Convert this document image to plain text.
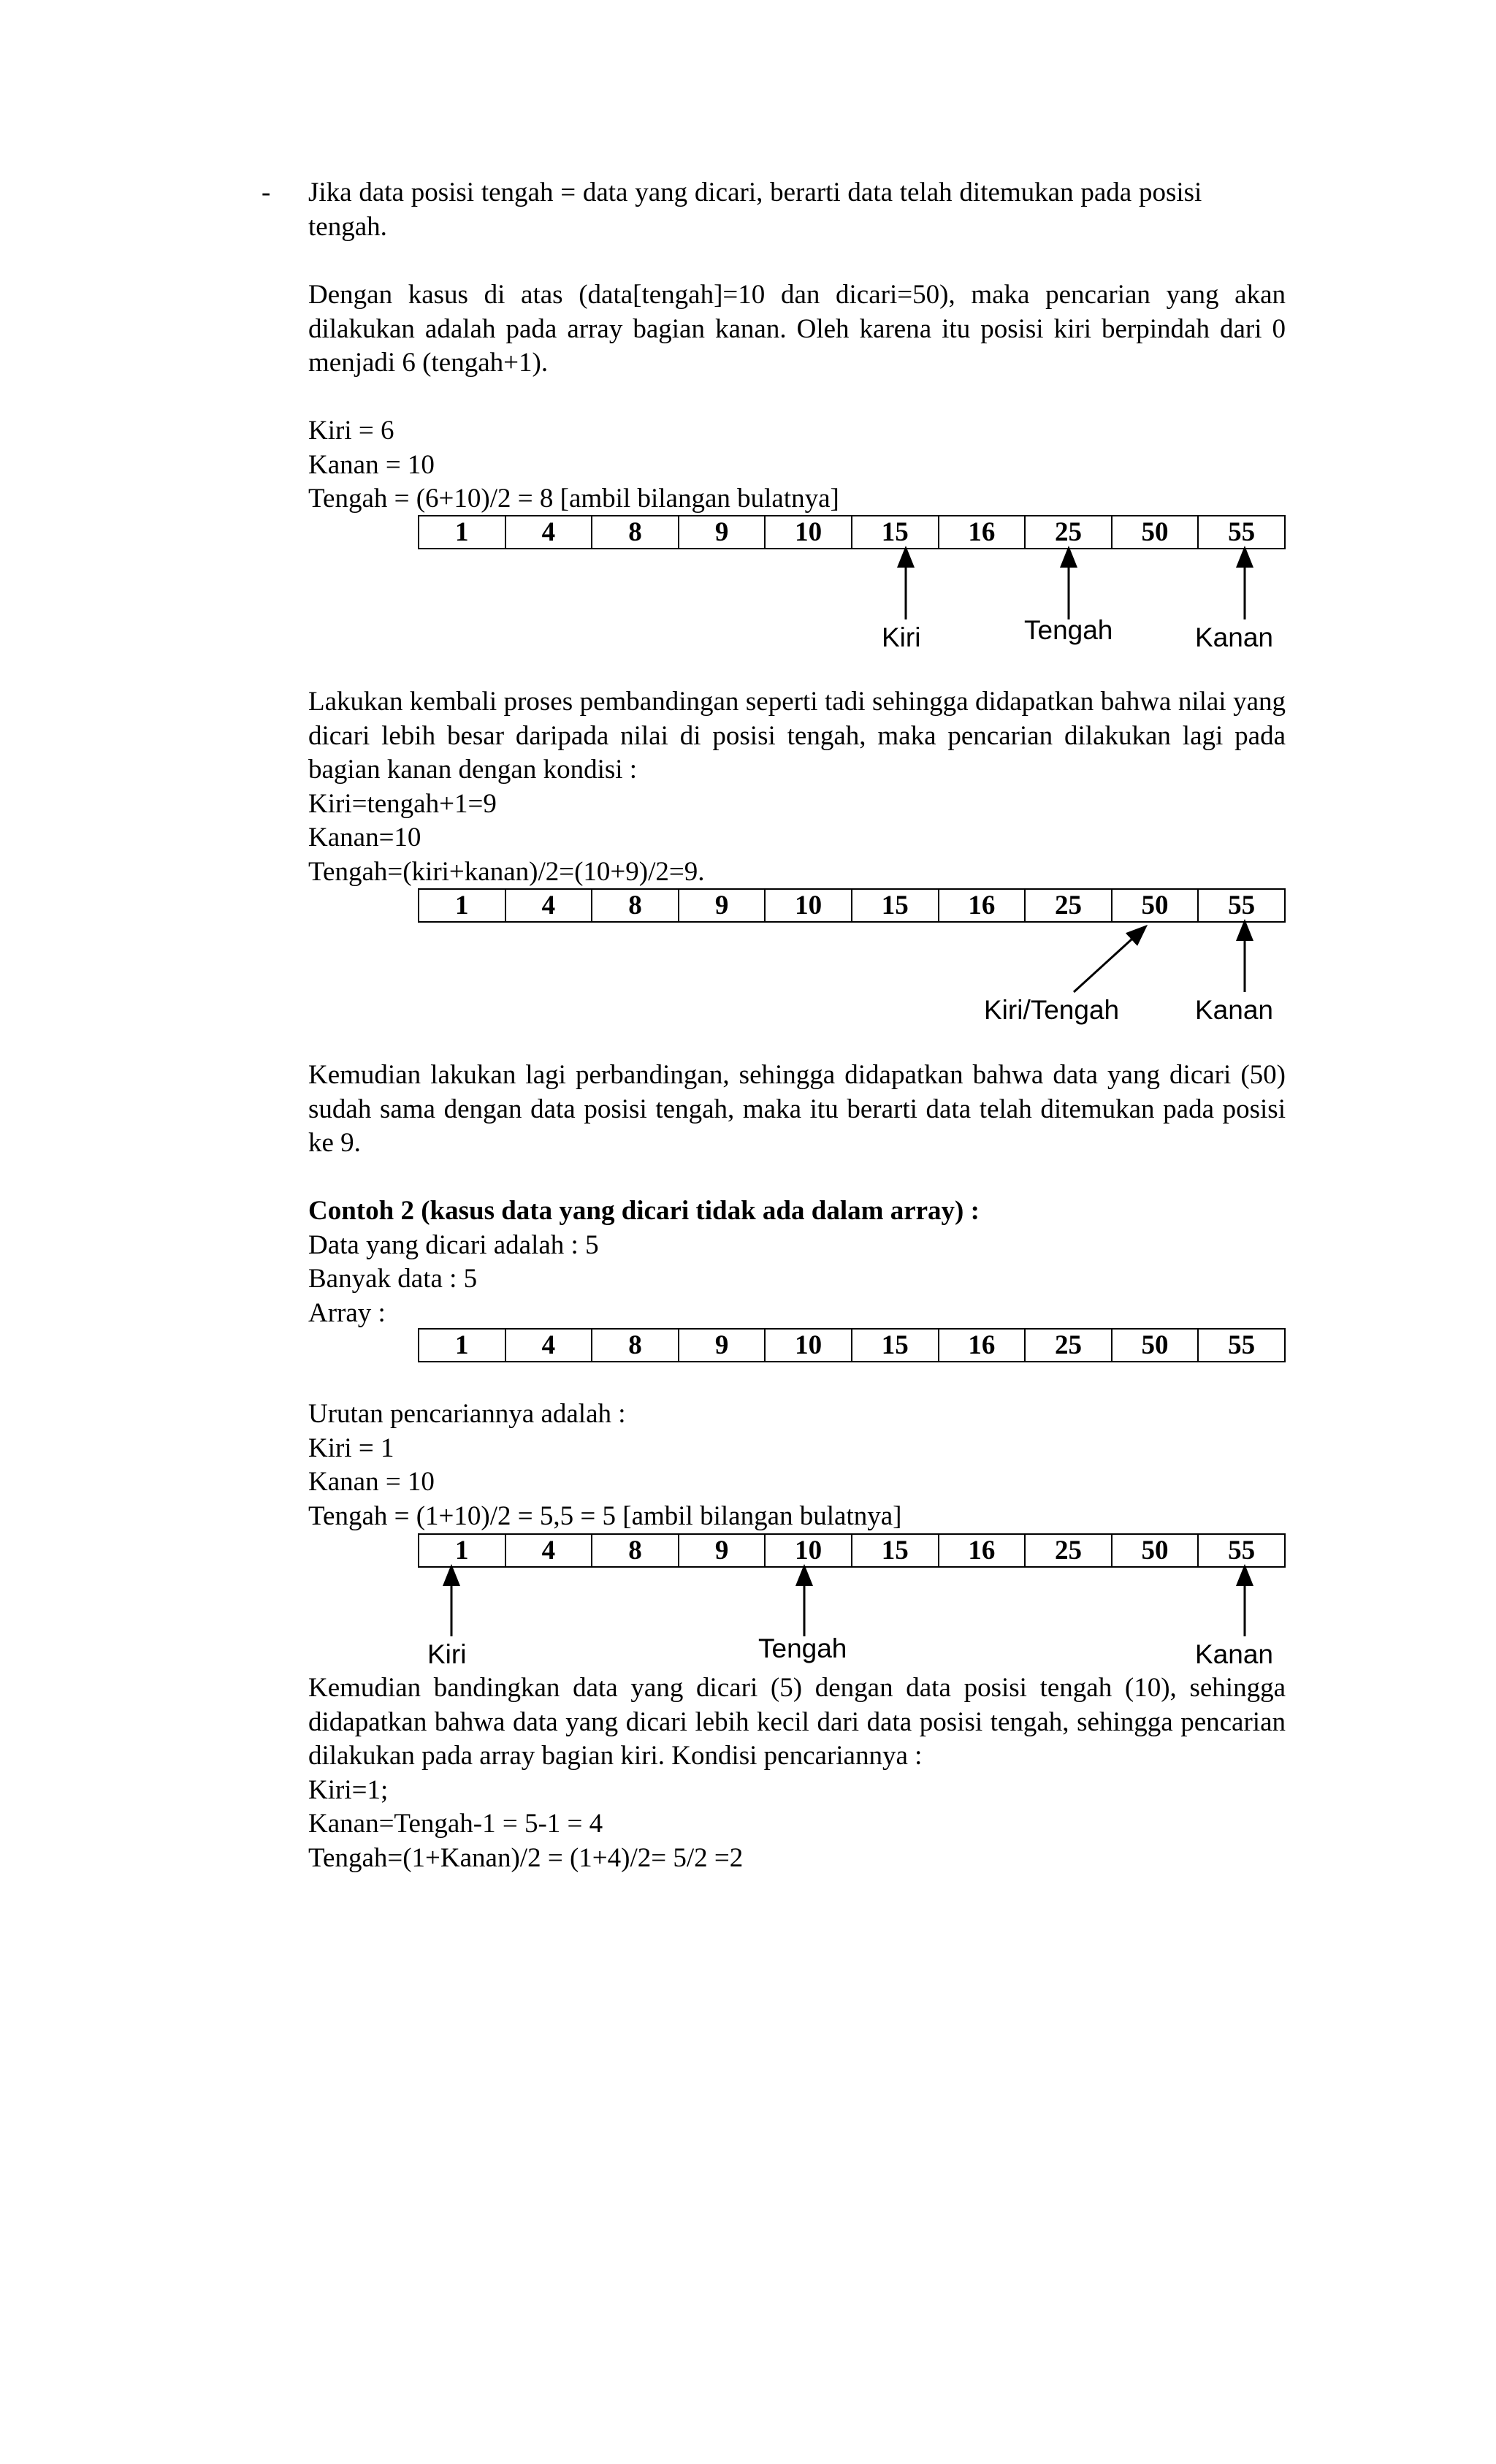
- Jika data posisi tengah = data yang dicari, berarti data telah ditemukan pada posisi

tengah.

Dengan kasus di atas (data[tengah]=10 dan dicari=50), maka pencarian yang akan dilakukan adalah pada array bagian kanan. Oleh karena itu posisi kiri berpindah dari 0 menjadi 6 (tengah+1).

Kiri = 6

Kanan = 10

Tengah = (6+10)/2 = 8 [ambil bilangan bulatnya]

1	4	8	9	10	15	16	25	50	55
Kiri	Tengah	Kanan

Lakukan kembali proses pembandingan seperti tadi sehingga didapatkan bahwa nilai yang dicari lebih besar daripada nilai di posisi tengah, maka pencarian dilakukan lagi pada bagian kanan dengan kondisi :

Kiri=tengah+1=9

Kanan=10

Tengah=(kiri+kanan)/2=(10+9)/2=9.

1	4	8	9	10	15	16	25	50	55
Kiri/Tengah	Kanan

Kemudian lakukan lagi perbandingan, sehingga didapatkan bahwa data yang dicari (50) sudah sama dengan data posisi tengah, maka itu berarti data telah ditemukan pada posisi ke 9.

Contoh 2 (kasus data yang dicari tidak ada dalam array) :

Data yang dicari adalah : 5

Banyak data : 5

Array :

1	4	8	9	10	15	16	25	50	55

Urutan pencariannya adalah :

Kiri = 1

Kanan = 10

Tengah = (1+10)/2 = 5,5 = 5 [ambil bilangan bulatnya]

1	4	8	9	10	15	16	25	50	55
Kiri	Tengah	Kanan

Kemudian bandingkan data yang dicari (5) dengan data posisi tengah (10), sehingga didapatkan bahwa data yang dicari lebih kecil dari data posisi tengah, sehingga pencarian dilakukan pada array bagian kiri. Kondisi pencariannya :

Kiri=1;

Kanan=Tengah-1 = 5-1 = 4

Tengah=(1+Kanan)/2 = (1+4)/2= 5/2 =2
